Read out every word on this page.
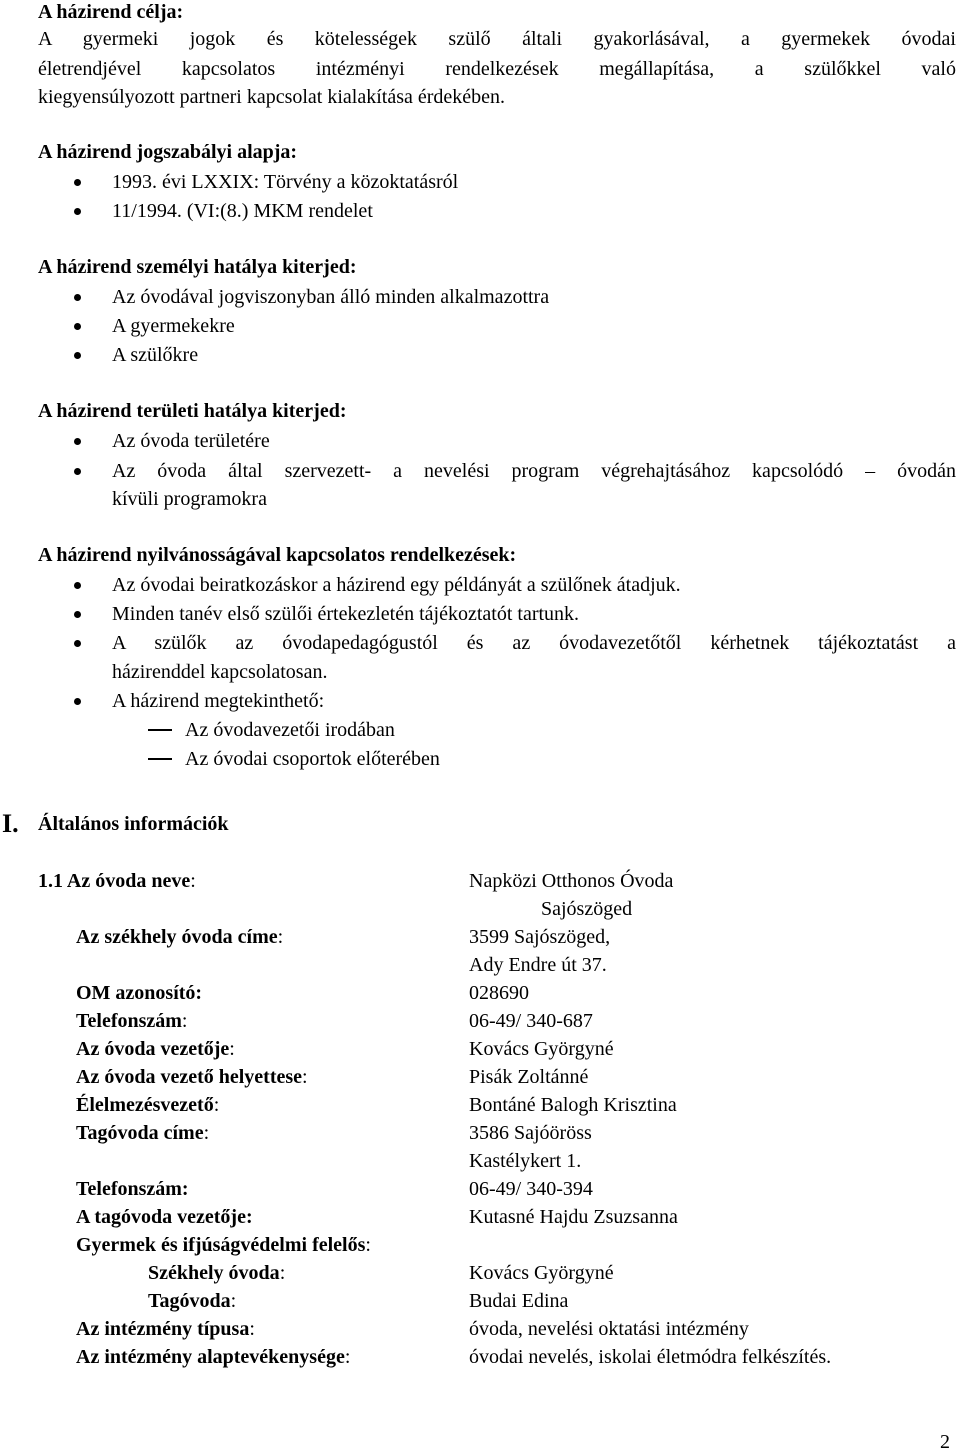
A házirend célja:
A gyermeki jogok és kötelességek szülő általi gyakorlásával, a gyermekek óvodai
életrendjével kapcsolatos intézményi rendelkezések megállapítása, a szülőkkel való
kiegyensúlyozott partneri kapcsolat kialakítása érdekében.
A házirend jogszabályi alapja:
1993. évi LXXIX: Törvény a közoktatásról
11/1994. (VI:(8.) MKM rendelet
A házirend személyi hatálya kiterjed:
Az óvodával jogviszonyban álló minden alkalmazottra
A gyermekekre
A szülőkre
A házirend területi hatálya kiterjed:
Az óvoda területére
Az óvoda által szervezett- a nevelési program végrehajtásához kapcsolódó – óvodán
kívüli programokra
A házirend nyilvánosságával kapcsolatos rendelkezések:
Az óvodai beiratkozáskor a házirend egy példányát a szülőnek átadjuk.
Minden tanév első szülői értekezletén tájékoztatót tartunk.
A szülők az óvodapedagógustól és az óvodavezetőtől kérhetnek tájékoztatást a
házirenddel kapcsolatosan.
A házirend megtekinthető:
Az óvodavezetői irodában
Az óvodai csoportok előterében
I. Általános információk
1.1 Az óvoda neve:	Napközi Otthonos Óvoda
Sajószöged
Az székhely óvoda címe:	3599 Sajószöged,
Ady Endre út 37.
OM azonosító:	028690
Telefonszám:	06-49/ 340-687
Az óvoda vezetője:	Kovács Györgyné
Az óvoda vezető helyettese:	Pisák Zoltánné
Élelmezésvezető:	Bontáné Balogh Krisztina
Tagóvoda címe:	3586 Sajóöröss
Kastélykert 1.
Telefonszám:	06-49/ 340-394
A tagóvoda vezetője:	Kutasné Hajdu Zsuzsanna
Gyermek és ifjúságvédelmi felelős:
Székhely óvoda:	Kovács Györgyné
Tagóvoda:	Budai Edina
Az intézmény típusa:	óvoda, nevelési oktatási intézmény
Az intézmény alaptevékenysége:	óvodai nevelés, iskolai életmódra felkészítés.
2
